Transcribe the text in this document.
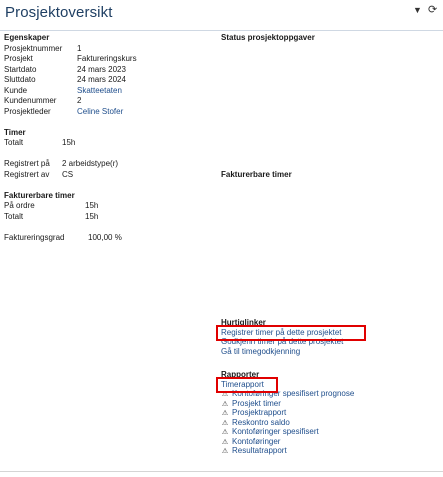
Prosjektoversikt	▼ ⟳
Egenskaper
Prosjektnummer	1
Prosjekt	Faktureringskurs
Startdato	24 mars 2023
Sluttdato	24 mars 2024
Kunde	Skatteetaten
Kundenummer	2
Prosjektleder	Celine Stofer
Timer
Totalt	15h
Registrert på	2 arbeidstype(r)
Registrert av	CS
Fakturerbare timer
På ordre	15h
Totalt	15h
Faktureringsgrad	100,00 %
Status prosjektoppgaver
Fakturerbare timer
Hurtiglinker
Registrer timer på dette prosjektet
Godkjenn timer på dette prosjektet
Gå til timegodkjenning
Rapporter
Timerapport
⚠ Kontoføringer spesifisert prognose
⚠ Prosjekt timer
⚠ Prosjektrapport
⚠ Reskontro saldo
⚠ Kontoføringer spesifisert
⚠ Kontoføringer
⚠ Resultatrapport
